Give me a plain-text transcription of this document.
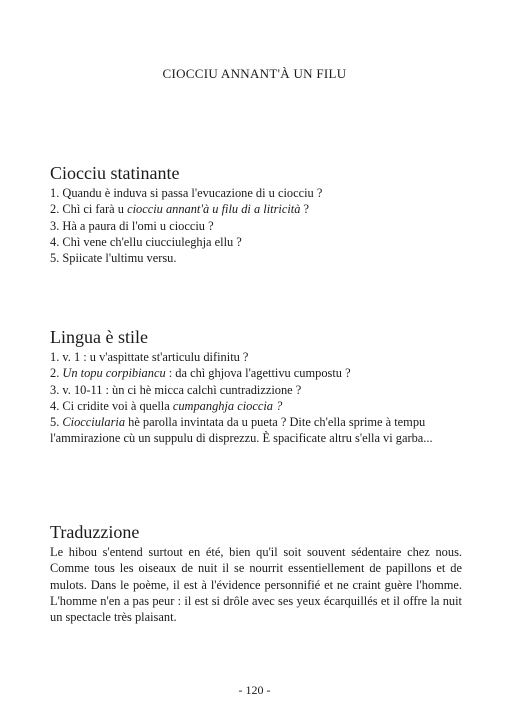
CIOCCIU ANNANT'À UN FILU
Ciocciu statinante

1. Quandu è induva si passa l'evucazione di u ciocciu ?

2. Chì ci farà u ciocciu annant'à u filu di a litricità ?

3. Hà a paura di l'omi u ciocciu ?

4. Chì vene ch'ellu ciucciuleghja ellu ?

5. Spiicate l'ultimu versu.

Lingua è stile

1. v. 1 : u v'aspittate st'articulu difinitu ?

2. Un topu corpibiancu : da chì ghjova l'agettivu cumpostu ?

3. v. 10-11 : ùn ci hè micca calchì cuntradizzione ?

4. Ci cridite voi à quella cumpanghja cioccia ?

5. Ciocciularia hè parolla invintata da u pueta ? Dite ch'ella sprime à tempu

l'ammirazione cù un suppulu di disprezzu. È spacificate altru s'ella vi garba...

Traduzzione

Le hibou s'entend surtout en été, bien qu'il soit souvent sédentaire chez nous. Comme tous les oiseaux de nuit il se nourrit essentiellement de papillons et de mulots. Dans le poème, il est à l'évidence personnifié et ne craint guère l'homme. L'homme n'en a pas peur : il est si drôle avec ses yeux écarquillés et il offre la nuit un spectacle très plaisant.

- 120 -
